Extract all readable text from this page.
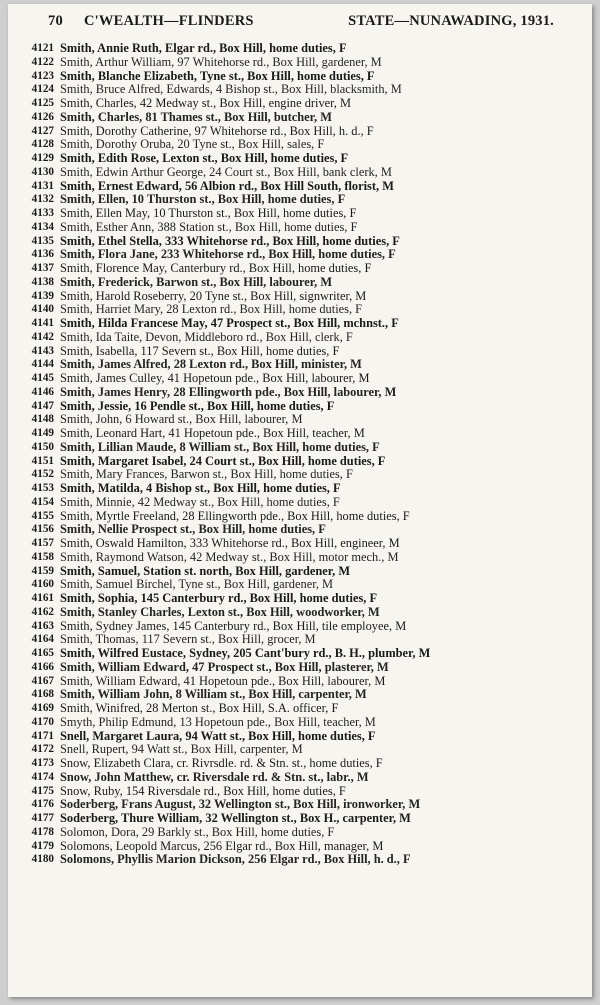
70 C'WEALTH—FLINDERS	STATE—NUNAWADING, 1931.
4121 Smith, Annie Ruth, Elgar rd., Box Hill, home duties, F
4122 Smith, Arthur William, 97 Whitehorse rd., Box Hill, gardener, M
4123 Smith, Blanche Elizabeth, Tyne st., Box Hill, home duties, F
4124 Smith, Bruce Alfred, Edwards, 4 Bishop st., Box Hill, blacksmith, M
4125 Smith, Charles, 42 Medway st., Box Hill, engine driver, M
4126 Smith, Charles, 81 Thames st., Box Hill, butcher, M
4127 Smith, Dorothy Catherine, 97 Whitehorse rd., Box Hill, h. d., F
4128 Smith, Dorothy Oruba, 20 Tyne st., Box Hill, sales, F
4129 Smith, Edith Rose, Lexton st., Box Hill, home duties, F
4130 Smith, Edwin Arthur George, 24 Court st., Box Hill, bank clerk, M
4131 Smith, Ernest Edward, 56 Albion rd., Box Hill South, florist, M
4132 Smith, Ellen, 10 Thurston st., Box Hill, home duties, F
4133 Smith, Ellen May, 10 Thurston st., Box Hill, home duties, F
4134 Smith, Esther Ann, 388 Station st., Box Hill, home duties, F
4135 Smith, Ethel Stella, 333 Whitehorse rd., Box Hill, home duties, F
4136 Smith, Flora Jane, 233 Whitehorse rd., Box Hill, home duties, F
4137 Smith, Florence May, Canterbury rd., Box Hill, home duties, F
4138 Smith, Frederick, Barwon st., Box Hill, labourer, M
4139 Smith, Harold Roseberry, 20 Tyne st., Box Hill, signwriter, M
4140 Smith, Harriet Mary, 28 Lexton rd., Box Hill, home duties, F
4141 Smith, Hilda Francese May, 47 Prospect st., Box Hill, mchnst., F
4142 Smith, Ida Taite, Devon, Middleboro rd., Box Hill, clerk, F
4143 Smith, Isabella, 117 Severn st., Box Hill, home duties, F
4144 Smith, James Alfred, 28 Lexton rd., Box Hill, minister, M
4145 Smith, James Culley, 41 Hopetoun pde., Box Hill, labourer, M
4146 Smith, James Henry, 28 Ellingworth pde., Box Hill, labourer, M
4147 Smith, Jessie, 16 Pendle st., Box Hill, home duties, F
4148 Smith, John, 6 Howard st., Box Hill, labourer, M
4149 Smith, Leonard Hart, 41 Hopetoun pde., Box Hill, teacher, M
4150 Smith, Lillian Maude, 8 William st., Box Hill, home duties, F
4151 Smith, Margaret Isabel, 24 Court st., Box Hill, home duties, F
4152 Smith, Mary Frances, Barwon st., Box Hill, home duties, F
4153 Smith, Matilda, 4 Bishop st., Box Hill, home duties, F
4154 Smith, Minnie, 42 Medway st., Box Hill, home duties, F
4155 Smith, Myrtle Freeland, 28 Ellingworth pde., Box Hill, home duties, F
4156 Smith, Nellie Prospect st., Box Hill, home duties, F
4157 Smith, Oswald Hamilton, 333 Whitehorse rd., Box Hill, engineer, M
4158 Smith, Raymond Watson, 42 Medway st., Box Hill, motor mech., M
4159 Smith, Samuel, Station st. north, Box Hill, gardener, M
4160 Smith, Samuel Birchel, Tyne st., Box Hill, gardener, M
4161 Smith, Sophia, 145 Canterbury rd., Box Hill, home duties, F
4162 Smith, Stanley Charles, Lexton st., Box Hill, woodworker, M
4163 Smith, Sydney James, 145 Canterbury rd., Box Hill, tile employee, M
4164 Smith, Thomas, 117 Severn st., Box Hill, grocer, M
4165 Smith, Wilfred Eustace, Sydney, 205 Cant'bury rd., B. H., plumber, M
4166 Smith, William Edward, 47 Prospect st., Box Hill, plasterer, M
4167 Smith, William Edward, 41 Hopetoun pde., Box Hill, labourer, M
4168 Smith, William John, 8 William st., Box Hill, carpenter, M
4169 Smith, Winifred, 28 Merton st., Box Hill, S.A. officer, F
4170 Smyth, Philip Edmund, 13 Hopetoun pde., Box Hill, teacher, M
4171 Snell, Margaret Laura, 94 Watt st., Box Hill, home duties, F
4172 Snell, Rupert, 94 Watt st., Box Hill, carpenter, M
4173 Snow, Elizabeth Clara, cr. Rivrsdle. rd. & Stn. st., home duties, F
4174 Snow, John Matthew, cr. Riversdale rd. & Stn. st., labr., M
4175 Snow, Ruby, 154 Riversdale rd., Box Hill, home duties, F
4176 Soderberg, Frans August, 32 Wellington st., Box Hill, ironworker, M
4177 Soderberg, Thure William, 32 Wellington st., Box H., carpenter, M
4178 Solomon, Dora, 29 Barkly st., Box Hill, home duties, F
4179 Solomons, Leopold Marcus, 256 Elgar rd., Box Hill, manager, M
4180 Solomons, Phyllis Marion Dickson, 256 Elgar rd., Box Hill, h. d., F
